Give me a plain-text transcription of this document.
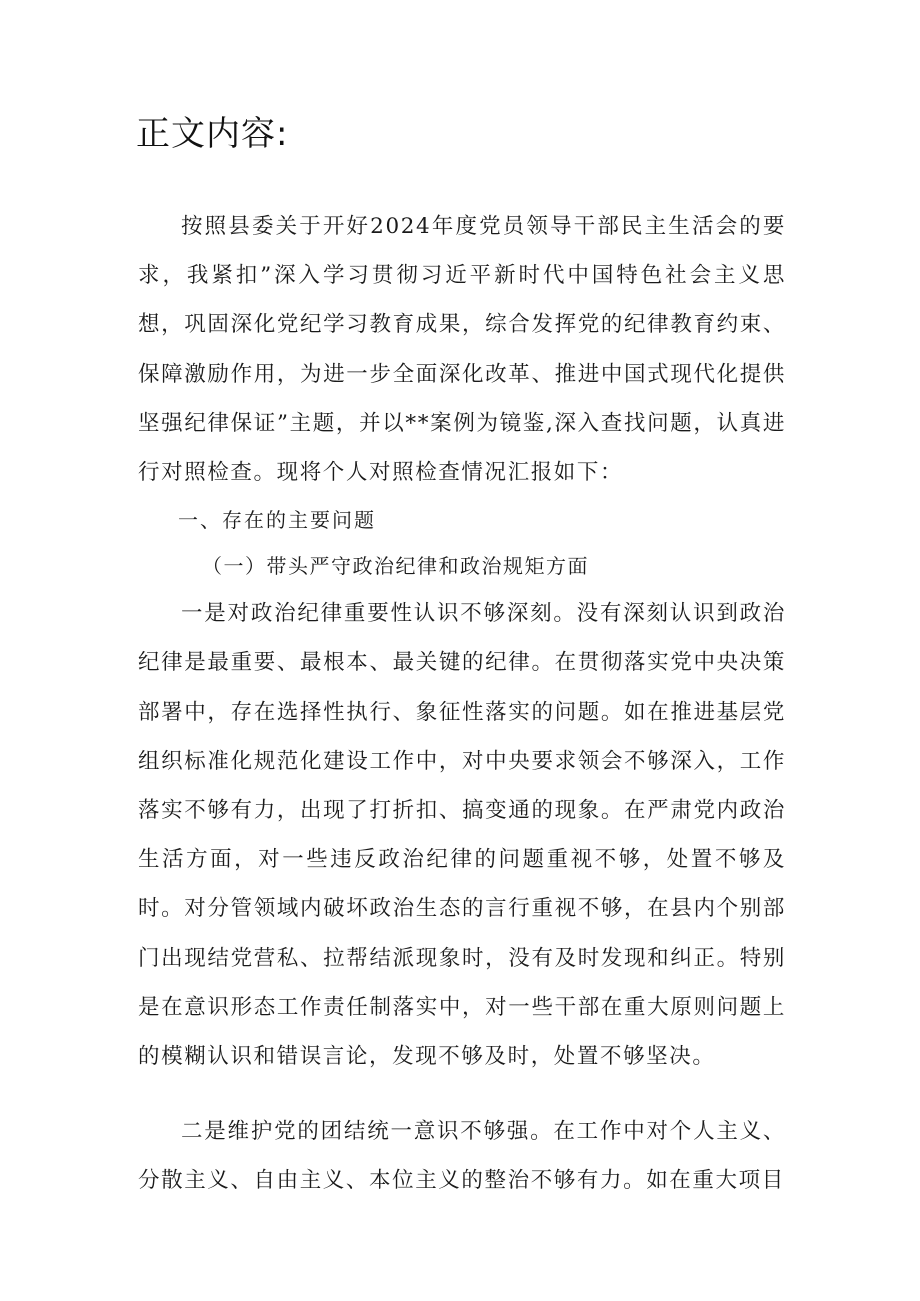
正文内容:

按照县委关于开好2024年度党员领导干部民主生活会的要求，我紧扣”深入学习贯彻习近平新时代中国特色社会主义思想，巩固深化党纪学习教育成果，综合发挥党的纪律教育约束、保障激励作用，为进一步全面深化改革、推进中国式现代化提供坚强纪律保证”主题，并以**案例为镜鉴,深入查找问题，认真进行对照检查。现将个人对照检查情况汇报如下：

一、存在的主要问题

（一）带头严守政治纪律和政治规矩方面

一是对政治纪律重要性认识不够深刻。没有深刻认识到政治纪律是最重要、最根本、最关键的纪律。在贯彻落实党中央决策部署中，存在选择性执行、象征性落实的问题。如在推进基层党组织标准化规范化建设工作中，对中央要求领会不够深入，工作落实不够有力，出现了打折扣、搞变通的现象。在严肃党内政治生活方面，对一些违反政治纪律的问题重视不够，处置不够及时。对分管领域内破坏政治生态的言行重视不够，在县内个别部门出现结党营私、拉帮结派现象时，没有及时发现和纠正。特别是在意识形态工作责任制落实中，对一些干部在重大原则问题上的模糊认识和错误言论，发现不够及时，处置不够坚决。

二是维护党的团结统一意识不够强。在工作中对个人主义、分散主义、自由主义、本位主义的整治不够有力。如在重大项目
